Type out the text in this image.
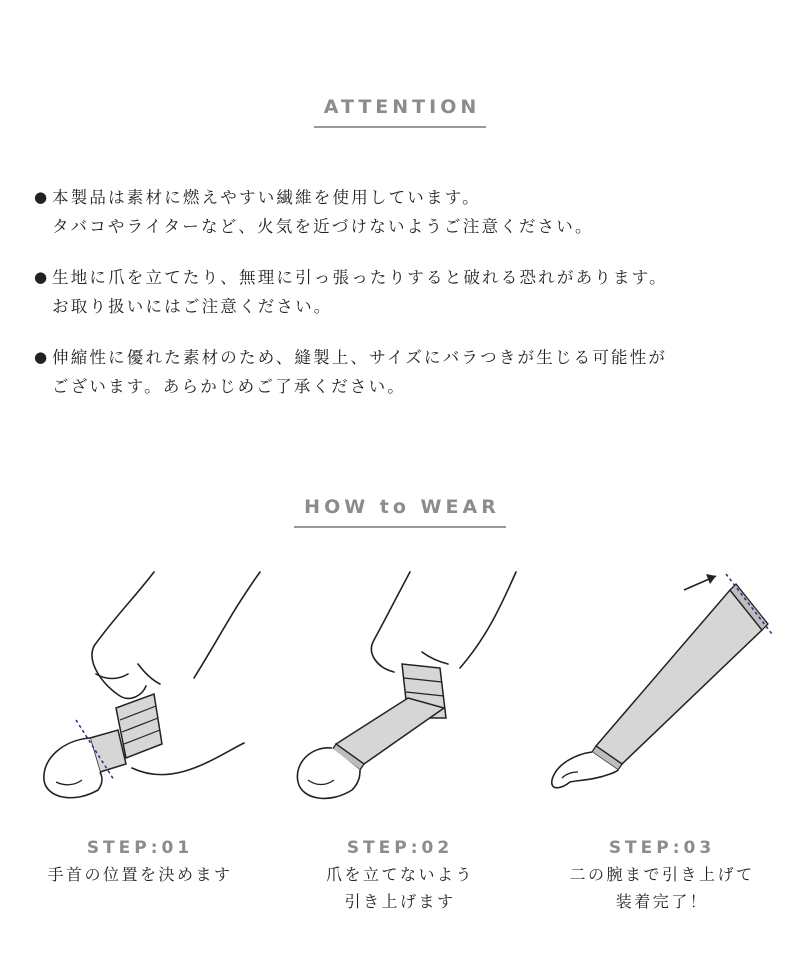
ATTENTION
● 本製品は素材に燃えやすい繊維を使用しています。
タバコやライターなど、火気を近づけないようご注意ください。
● 生地に爪を立てたり、無理に引っ張ったりすると破れる恐れがあります。
お取り扱いにはご注意ください。
● 伸縮性に優れた素材のため、縫製上、サイズにバラつきが生じる可能性が
ございます。あらかじめご了承ください。
HOW to WEAR
STEP:01
手首の位置を決めます
STEP:02
爪を立てないよう
引き上げます
STEP:03
二の腕まで引き上げて
装着完了！
